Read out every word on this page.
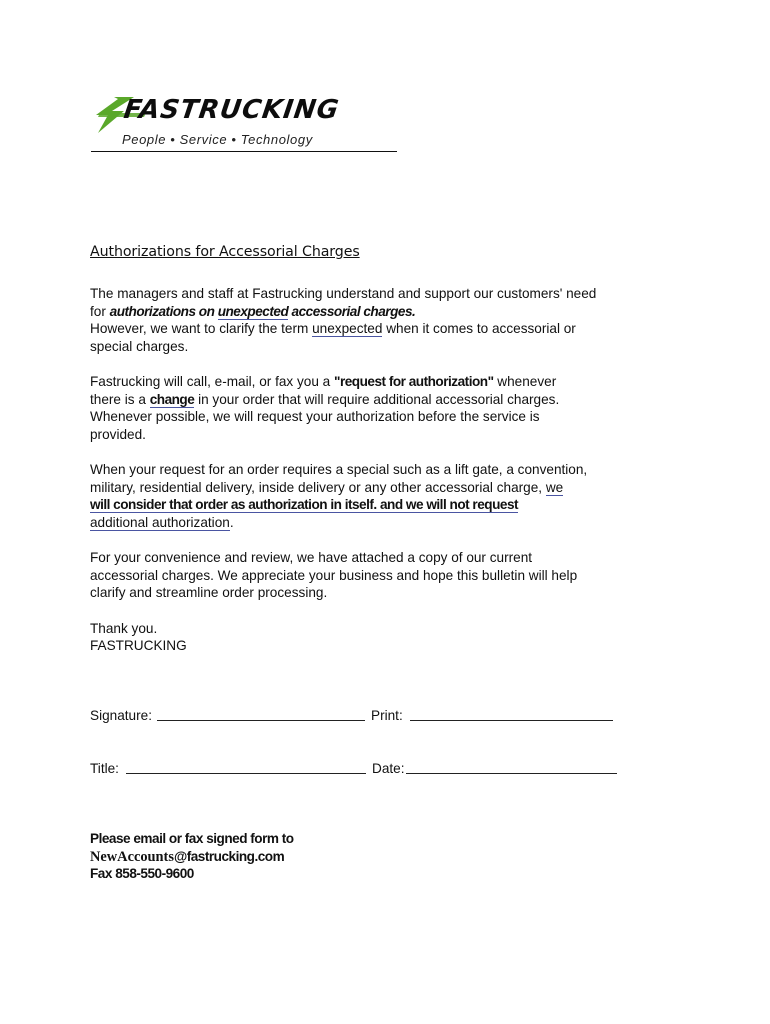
FASTRUCKING
People • Service • Technology
Authorizations for Accessorial Charges
The managers and staff at Fastrucking understand and support our customers' need
for authorizations on unexpected accessorial charges.
However, we want to clarify the term unexpected when it comes to accessorial or
special charges.
Fastrucking will call, e-mail, or fax you a "request for authorization" whenever
there is a change in your order that will require additional accessorial charges.
Whenever possible, we will request your authorization before the service is
provided.
When your request for an order requires a special such as a lift gate, a convention,
military, residential delivery, inside delivery or any other accessorial charge, we
will consider that order as authorization in itself. and we will not request
additional authorization.
For your convenience and review, we have attached a copy of our current
accessorial charges. We appreciate your business and hope this bulletin will help
clarify and streamline order processing.
Thank you.
FASTRUCKING
Signature:	Print:
Title:	Date:
Please email or fax signed form to
NewAccounts@fastrucking.com
Fax 858-550-9600
